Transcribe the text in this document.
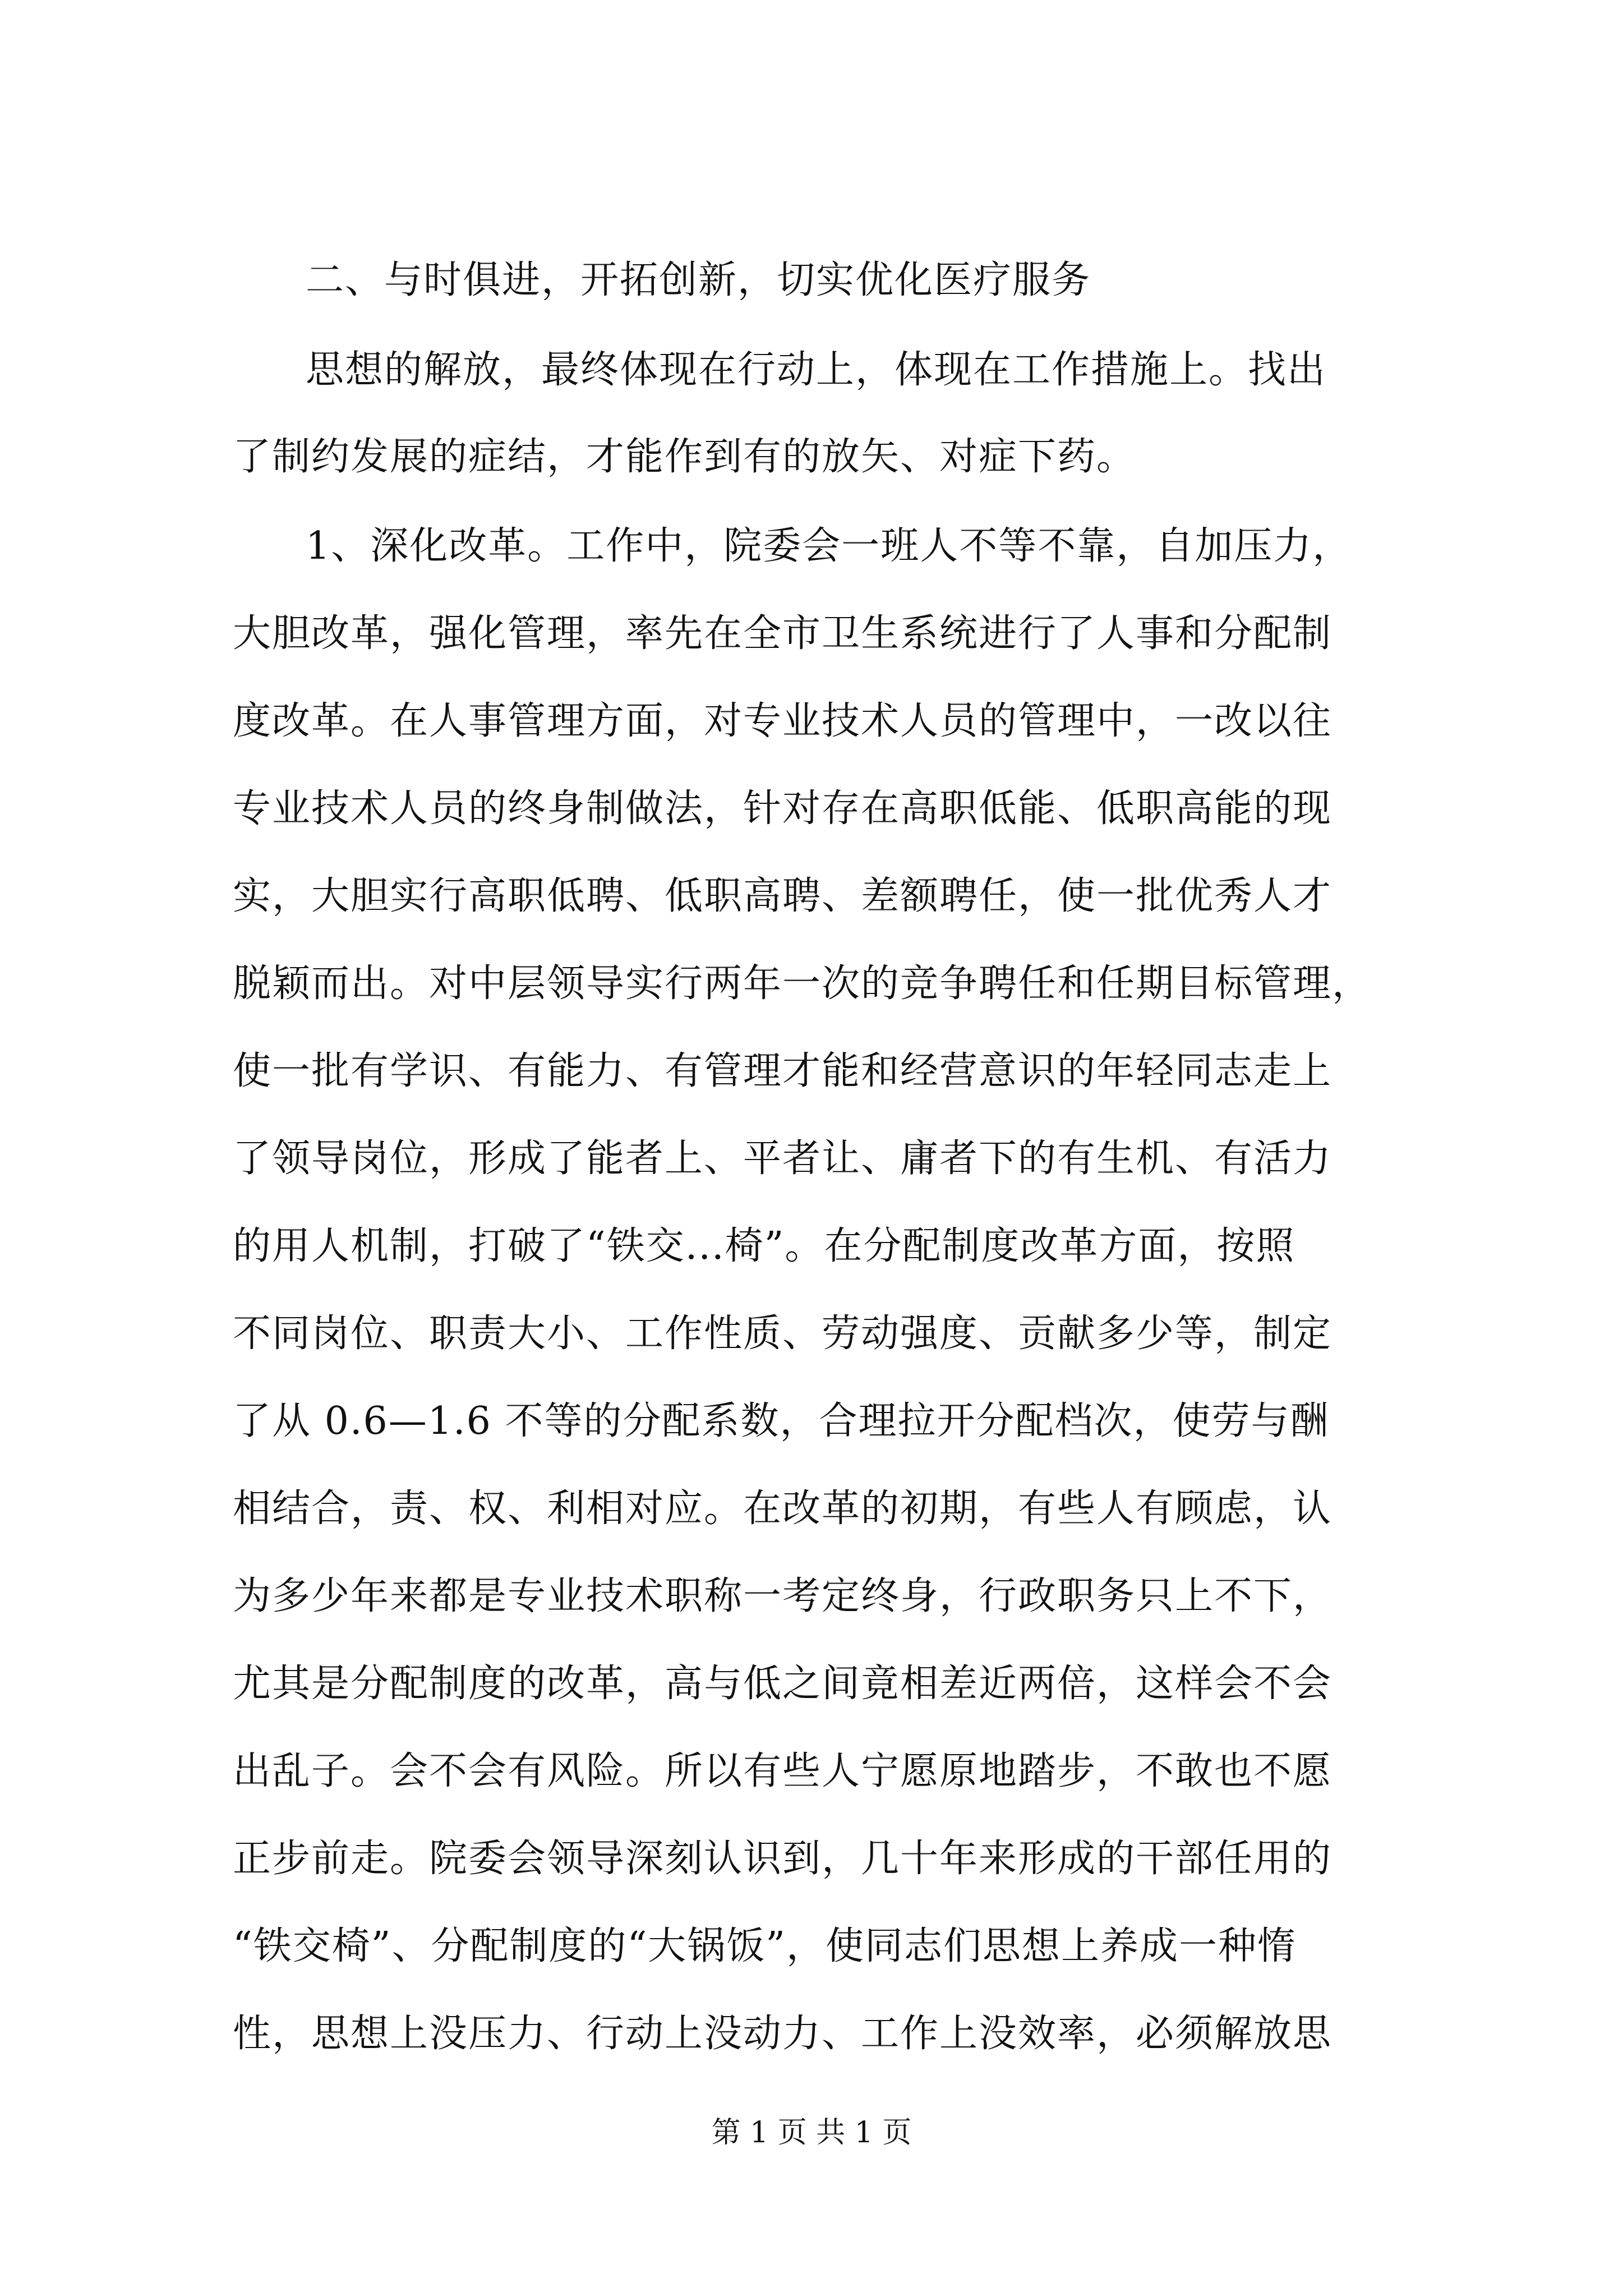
二、与时俱进，开拓创新，切实优化医疗服务
思想的解放，最终体现在行动上，体现在工作措施上。找出
了制约发展的症结，才能作到有的放矢、对症下药。
1、深化改革。工作中，院委会一班人不等不靠，自加压力，
大胆改革，强化管理，率先在全市卫生系统进行了人事和分配制
度改革。在人事管理方面，对专业技术人员的管理中，一改以往
专业技术人员的终身制做法，针对存在高职低能、低职高能的现
实，大胆实行高职低聘、低职高聘、差额聘任，使一批优秀人才
脱颖而出。对中层领导实行两年一次的竞争聘任和任期目标管理，
使一批有学识、有能力、有管理才能和经营意识的年轻同志走上
了领导岗位，形成了能者上、平者让、庸者下的有生机、有活力
的用人机制，打破了“铁交...椅”。在分配制度改革方面，按照
不同岗位、职责大小、工作性质、劳动强度、贡献多少等，制定
了从 0.6—1.6 不等的分配系数，合理拉开分配档次，使劳与酬
相结合，责、权、利相对应。在改革的初期，有些人有顾虑，认
为多少年来都是专业技术职称一考定终身，行政职务只上不下，
尤其是分配制度的改革，高与低之间竟相差近两倍，这样会不会
出乱子。会不会有风险。所以有些人宁愿原地踏步，不敢也不愿
正步前走。院委会领导深刻认识到，几十年来形成的干部任用的
“铁交椅”、分配制度的“大锅饭”，使同志们思想上养成一种惰
性，思想上没压力、行动上没动力、工作上没效率，必须解放思
第 1 页 共 1 页
